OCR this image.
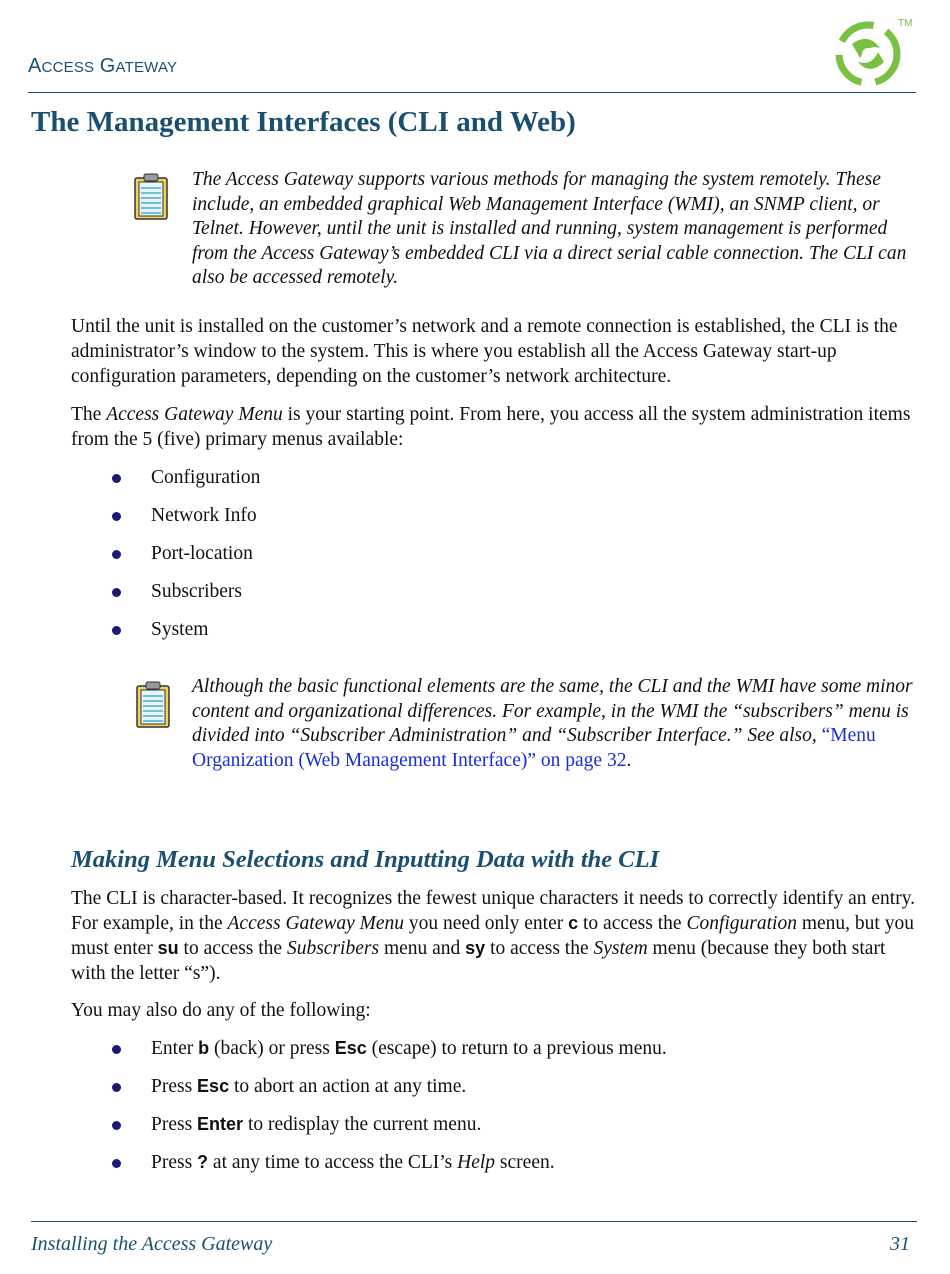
ACCESS GATEWAY
TM
The Management Interfaces (CLI and Web)
The Access Gateway supports various methods for managing the system remotely. These include, an embedded graphical Web Management Interface (WMI), an SNMP client, or Telnet. However, until the unit is installed and running, system management is performed from the Access Gateway’s embedded CLI via a direct serial cable connection. The CLI can also be accessed remotely.
Until the unit is installed on the customer’s network and a remote connection is established, the CLI is the administrator’s window to the system. This is where you establish all the Access Gateway start-up configuration parameters, depending on the customer’s network architecture.
The Access Gateway Menu is your starting point. From here, you access all the system administration items from the 5 (five) primary menus available:
Configuration
Network Info
Port-location
Subscribers
System
Although the basic functional elements are the same, the CLI and the WMI have some minor content and organizational differences. For example, in the WMI the “subscribers” menu is divided into “Subscriber Administration” and “Subscriber Interface.” See also, “Menu Organization (Web Management Interface)” on page 32.
Making Menu Selections and Inputting Data with the CLI
The CLI is character-based. It recognizes the fewest unique characters it needs to correctly identify an entry. For example, in the Access Gateway Menu you need only enter c to access the Configuration menu, but you must enter su to access the Subscribers menu and sy to access the System menu (because they both start with the letter “s”).
You may also do any of the following:
Enter b (back) or press Esc (escape) to return to a previous menu.
Press Esc to abort an action at any time.
Press Enter to redisplay the current menu.
Press ? at any time to access the CLI’s Help screen.
Installing the Access Gateway	31
